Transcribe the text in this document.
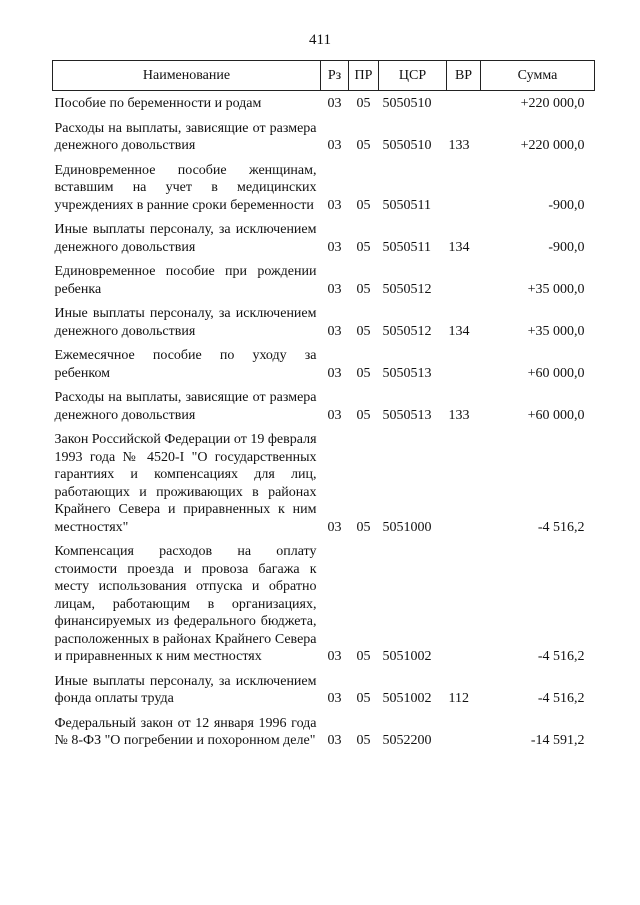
411
Наименование	Рз	ПР	ЦСР	ВР	Сумма
Пособие по беременности и родам	03	05	5050510		+220 000,0
Расходы на выплаты, зависящие от размера денежного довольствия	03	05	5050510	133	+220 000,0
Единовременное пособие женщинам, вставшим на учет в медицинских учреждениях в ранние сроки беременности	03	05	5050511		-900,0
Иные выплаты персоналу, за исключением денежного довольствия	03	05	5050511	134	-900,0
Единовременное пособие при рождении ребенка	03	05	5050512		+35 000,0
Иные выплаты персоналу, за исключением денежного довольствия	03	05	5050512	134	+35 000,0
Ежемесячное пособие по уходу за ребенком	03	05	5050513		+60 000,0
Расходы на выплаты, зависящие от размера денежного довольствия	03	05	5050513	133	+60 000,0
Закон Российской Федерации от 19 февраля 1993 года № 4520-I "О государственных гарантиях и компенсациях для лиц, работающих и проживающих в районах Крайнего Севера и приравненных к ним местностях"	03	05	5051000		-4 516,2
Компенсация расходов на оплату стоимости проезда и провоза багажа к месту использования отпуска и обратно лицам, работающим в организациях, финансируемых из федерального бюджета, расположенных в районах Крайнего Севера и приравненных к ним местностях	03	05	5051002		-4 516,2
Иные выплаты персоналу, за исключением фонда оплаты труда	03	05	5051002	112	-4 516,2
Федеральный закон от 12 января 1996 года № 8-ФЗ "О погребении и похоронном деле"	03	05	5052200		-14 591,2
